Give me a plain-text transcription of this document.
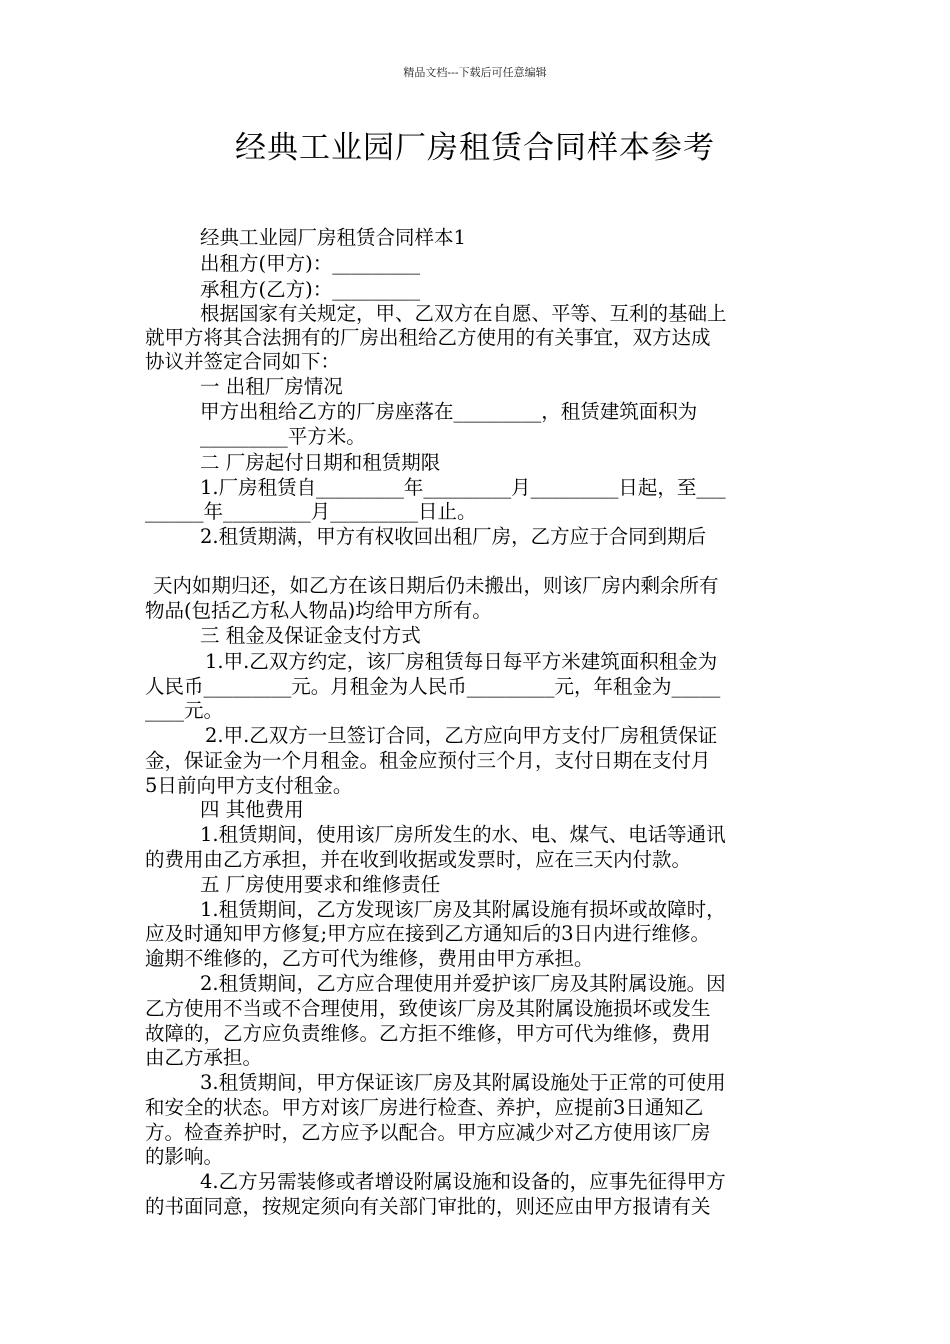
精品文档---下载后可任意编辑
经典工业园厂房租赁合同样本参考
经典工业园厂房租赁合同样本1
出租方(甲方)：_________
承租方(乙方)：_________
根据国家有关规定，甲、乙双方在自愿、平等、互利的基础上
就甲方将其合法拥有的厂房出租给乙方使用的有关事宜，双方达成
协议并签定合同如下：
一 出租厂房情况
甲方出租给乙方的厂房座落在_________，租赁建筑面积为
_________平方米。
二 厂房起付日期和租赁期限
1.厂房租赁自_________年_________月_________日起，至___
______年_________月_________日止。
2.租赁期满，甲方有权收回出租厂房，乙方应于合同到期后
天内如期归还，如乙方在该日期后仍未搬出，则该厂房内剩余所有
物品(包括乙方私人物品)均给甲方所有。
三 租金及保证金支付方式
1.甲.乙双方约定，该厂房租赁每日每平方米建筑面积租金为
人民币_________元。月租金为人民币_________元，年租金为_____
____元。
2.甲.乙双方一旦签订合同，乙方应向甲方支付厂房租赁保证
金，保证金为一个月租金。租金应预付三个月，支付日期在支付月
5日前向甲方支付租金。
四 其他费用
1.租赁期间，使用该厂房所发生的水、电、煤气、电话等通讯
的费用由乙方承担，并在收到收据或发票时，应在三天内付款。
五 厂房使用要求和维修责任
1.租赁期间，乙方发现该厂房及其附属设施有损坏或故障时，
应及时通知甲方修复;甲方应在接到乙方通知后的3日内进行维修。
逾期不维修的，乙方可代为维修，费用由甲方承担。
2.租赁期间，乙方应合理使用并爱护该厂房及其附属设施。因
乙方使用不当或不合理使用，致使该厂房及其附属设施损坏或发生
故障的，乙方应负责维修。乙方拒不维修，甲方可代为维修，费用
由乙方承担。
3.租赁期间，甲方保证该厂房及其附属设施处于正常的可使用
和安全的状态。甲方对该厂房进行检查、养护，应提前3日通知乙
方。检查养护时，乙方应予以配合。甲方应减少对乙方使用该厂房
的影响。
4.乙方另需装修或者增设附属设施和设备的，应事先征得甲方
的书面同意，按规定须向有关部门审批的，则还应由甲方报请有关
